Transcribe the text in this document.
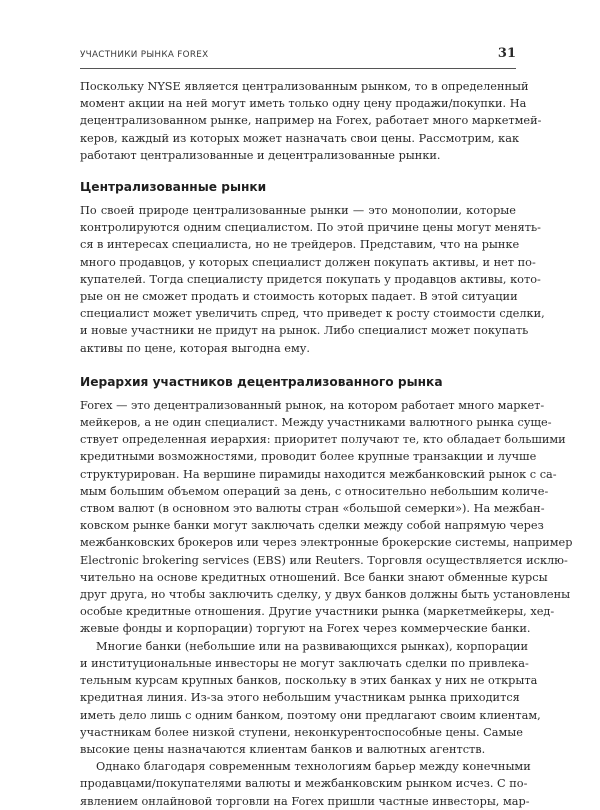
УЧАСТНИКИ РЫНКА FOREX	31
Поскольку NYSE является централизованным рынком, то в определенный
момент акции на ней могут иметь только одну цену продажи/покупки. На
децентрализованном рынке, например на Forex, работает много маркетмей-
керов, каждый из которых может назначать свои цены. Рассмотрим, как
работают централизованные и децентрализованные рынки.
Централизованные рынки
По своей природе централизованные рынки — это монополии, которые
контролируются одним специалистом. По этой причине цены могут менять-
ся в интересах специалиста, но не трейдеров. Представим, что на рынке
много продавцов, у которых специалист должен покупать активы, и нет по-
купателей. Тогда специалисту придется покупать у продавцов активы, кото-
рые он не сможет продать и стоимость которых падает. В этой ситуации
специалист может увеличить спред, что приведет к росту стоимости сделки,
и новые участники не придут на рынок. Либо специалист может покупать
активы по цене, которая выгодна ему.
Иерархия участников децентрализованного рынка
Forex — это децентрализованный рынок, на котором работает много маркет-
мейкеров, а не один специалист. Между участниками валютного рынка суще-
ствует определенная иерархия: приоритет получают те, кто обладает большими
кредитными возможностями, проводит более крупные транзакции и лучше
структурирован. На вершине пирамиды находится межбанковский рынок с са-
мым большим объемом операций за день, с относительно небольшим количе-
ством валют (в основном это валюты стран «большой семерки»). На межбан-
ковском рынке банки могут заключать сделки между собой напрямую через
межбанковских брокеров или через электронные брокерские системы, например
Electronic brokering services (EBS) или Reuters. Торговля осуществляется исклю-
чительно на основе кредитных отношений. Все банки знают обменные курсы
друг друга, но чтобы заключить сделку, у двух банков должны быть установлены
особые кредитные отношения. Другие участники рынка (маркетмейкеры, хед-
жевые фонды и корпорации) торгуют на Forex через коммерческие банки.
Многие банки (небольшие или на развивающихся рынках), корпорации
и институциональные инвесторы не могут заключать сделки по привлека-
тельным курсам крупных банков, поскольку в этих банках у них не открыта
кредитная линия. Из-за этого небольшим участникам рынка приходится
иметь дело лишь с одним банком, поэтому они предлагают своим клиентам,
участникам более низкой ступени, неконкурентоспособные цены. Самые
высокие цены назначаются клиентам банков и валютных агентств.
Однако благодаря современным технологиям барьер между конечными
продавцами/покупателями валюты и межбанковским рынком исчез. С по-
явлением онлайновой торговли на Forex пришли частные инвесторы, мар-
